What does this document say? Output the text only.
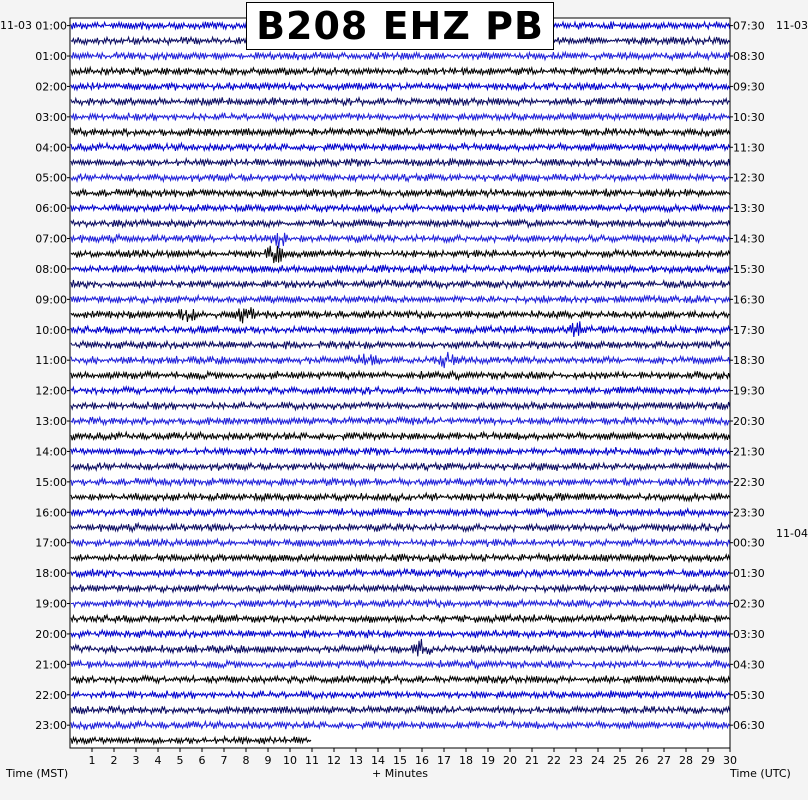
1 2 3 4 5 6 7 8 9 10 11 12 13 14 15 16 17 18 19 20 21 22 23 24 25 26 27 28 29 30
01:00
01:00
02:00
03:00
04:00
05:00
06:00
07:00
08:00
09:00
10:00
11:00
12:00
13:00
14:00
15:00
16:00
17:00
18:00
19:00
20:00
21:00
22:00
23:00
07:30
08:30
09:30
10:30
11:30
12:30
13:30
14:30
15:30
16:30
17:30
18:30
19:30
20:30
21:30
22:30
23:30
00:30
01:30
02:30
03:30
04:30
05:30
06:30
B208 EHZ PB
11-03	11-03
11-04
Time (MST)	+ Minutes	Time (UTC)
